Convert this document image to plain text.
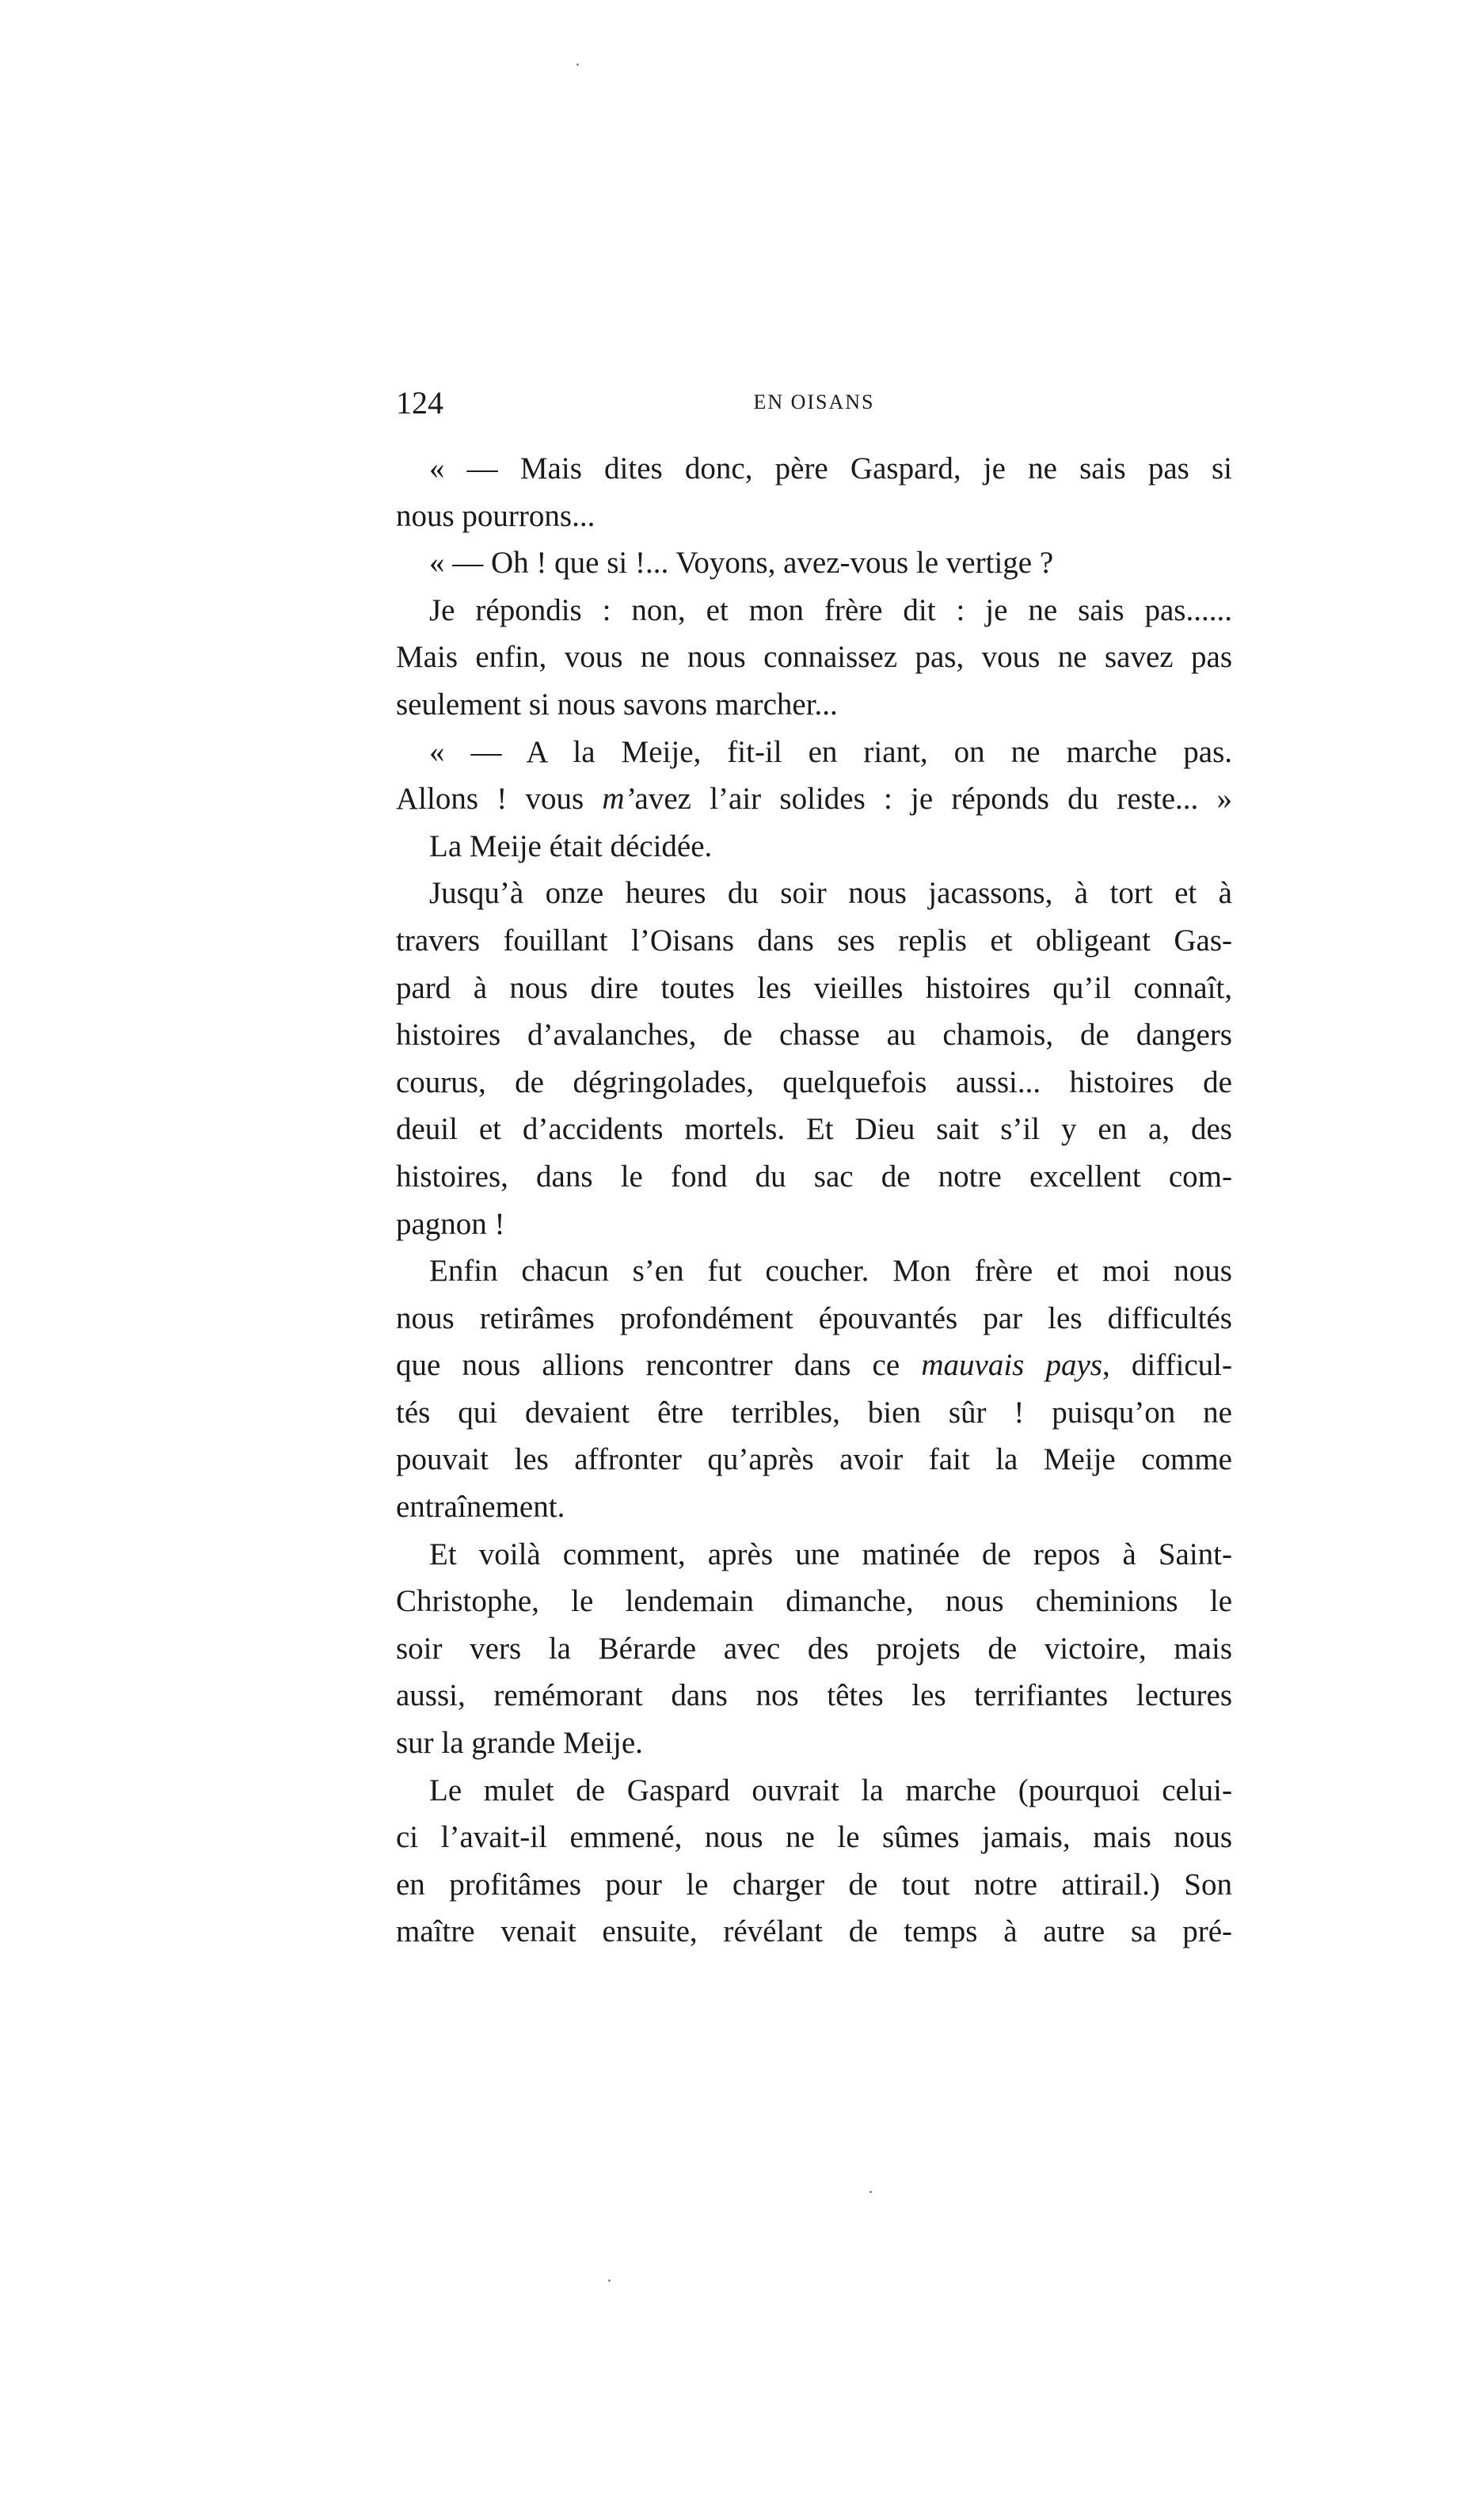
124	EN OISANS
« — Mais dites donc, père Gaspard, je ne sais pas si
nous pourrons...
« — Oh ! que si !... Voyons, avez-vous le vertige ?
Je répondis : non, et mon frère dit : je ne sais pas......
Mais enfin, vous ne nous connaissez pas, vous ne savez pas
seulement si nous savons marcher...
« — A la Meije, fit-il en riant, on ne marche pas.
Allons ! vous m’avez l’air solides : je réponds du reste... »
La Meije était décidée.
Jusqu’à onze heures du soir nous jacassons, à tort et à
travers fouillant l’Oisans dans ses replis et obligeant Gas-
pard à nous dire toutes les vieilles histoires qu’il connaît,
histoires d’avalanches, de chasse au chamois, de dangers
courus, de dégringolades, quelquefois aussi... histoires de
deuil et d’accidents mortels. Et Dieu sait s’il y en a, des
histoires, dans le fond du sac de notre excellent com-
pagnon !
Enfin chacun s’en fut coucher. Mon frère et moi nous
nous retirâmes profondément épouvantés par les difficultés
que nous allions rencontrer dans ce mauvais pays, difficul-
tés qui devaient être terribles, bien sûr ! puisqu’on ne
pouvait les affronter qu’après avoir fait la Meije comme
entraînement.
Et voilà comment, après une matinée de repos à Saint-
Christophe, le lendemain dimanche, nous cheminions le
soir vers la Bérarde avec des projets de victoire, mais
aussi, remémorant dans nos têtes les terrifiantes lectures
sur la grande Meije.
Le mulet de Gaspard ouvrait la marche (pourquoi celui-
ci l’avait-il emmené, nous ne le sûmes jamais, mais nous
en profitâmes pour le charger de tout notre attirail.) Son
maître venait ensuite, révélant de temps à autre sa pré-
